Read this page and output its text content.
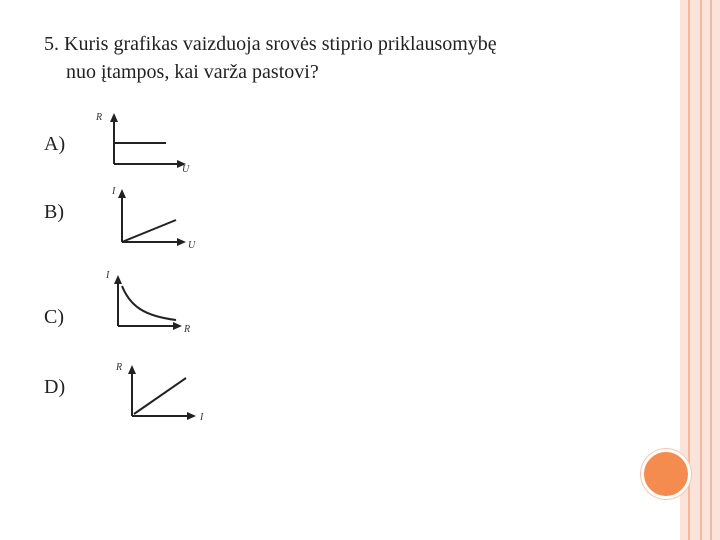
5. Kuris grafikas vaizduoja srovės stiprio priklausomybę
nuo įtampos, kai varža pastovi?
A)
R
U
B)
I
U
C)
I
R
D)
R
I
